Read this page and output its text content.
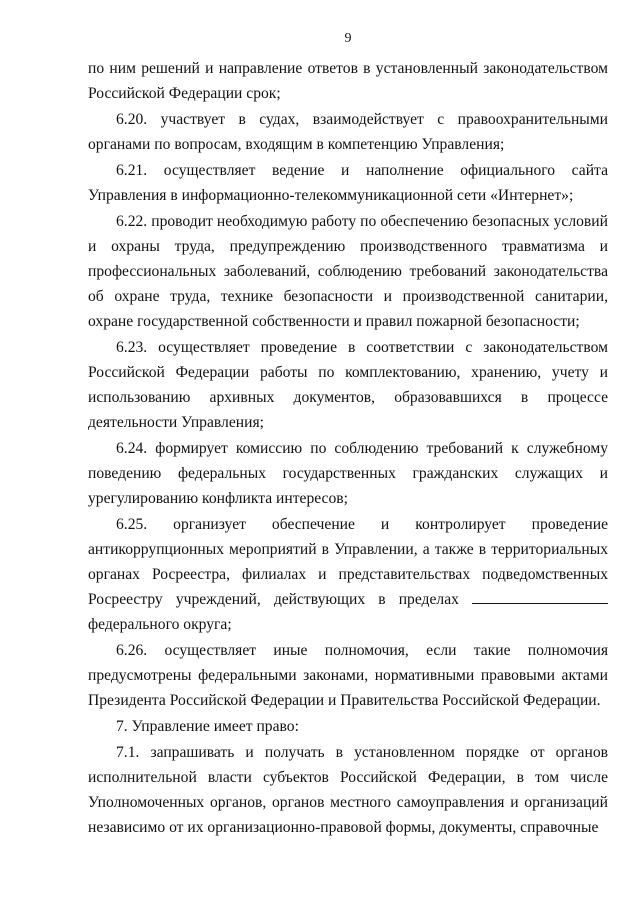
9

по ним решений и направление ответов в установленный законодательством Российской Федерации срок;

6.20. участвует в судах, взаимодействует с правоохранительными органами по вопросам, входящим в компетенцию Управления;

6.21. осуществляет ведение и наполнение официального сайта Управления в информационно-телекоммуникационной сети «Интернет»;

6.22. проводит необходимую работу по обеспечению безопасных условий и охраны труда, предупреждению производственного травматизма и профессиональных заболеваний, соблюдению требований законодательства об охране труда, технике безопасности и производственной санитарии, охране государственной собственности и правил пожарной безопасности;

6.23. осуществляет проведение в соответствии с законодательством Российской Федерации работы по комплектованию, хранению, учету и использованию архивных документов, образовавшихся в процессе деятельности Управления;

6.24. формирует комиссию по соблюдению требований к служебному поведению федеральных государственных гражданских служащих и урегулированию конфликта интересов;

6.25. организует обеспечение и контролирует проведение антикоррупционных мероприятий в Управлении, а также в территориальных органах Росреестра, филиалах и представительствах подведомственных Росреестру учреждений, действующих в пределах  федерального округа;

6.26. осуществляет иные полномочия, если такие полномочия предусмотрены федеральными законами, нормативными правовыми актами Президента Российской Федерации и Правительства Российской Федерации.

7. Управление имеет право:

7.1. запрашивать и получать в установленном порядке от органов исполнительной власти субъектов Российской Федерации, в том числе Уполномоченных органов, органов местного самоуправления и организаций независимо от их организационно-правовой формы, документы, справочные
